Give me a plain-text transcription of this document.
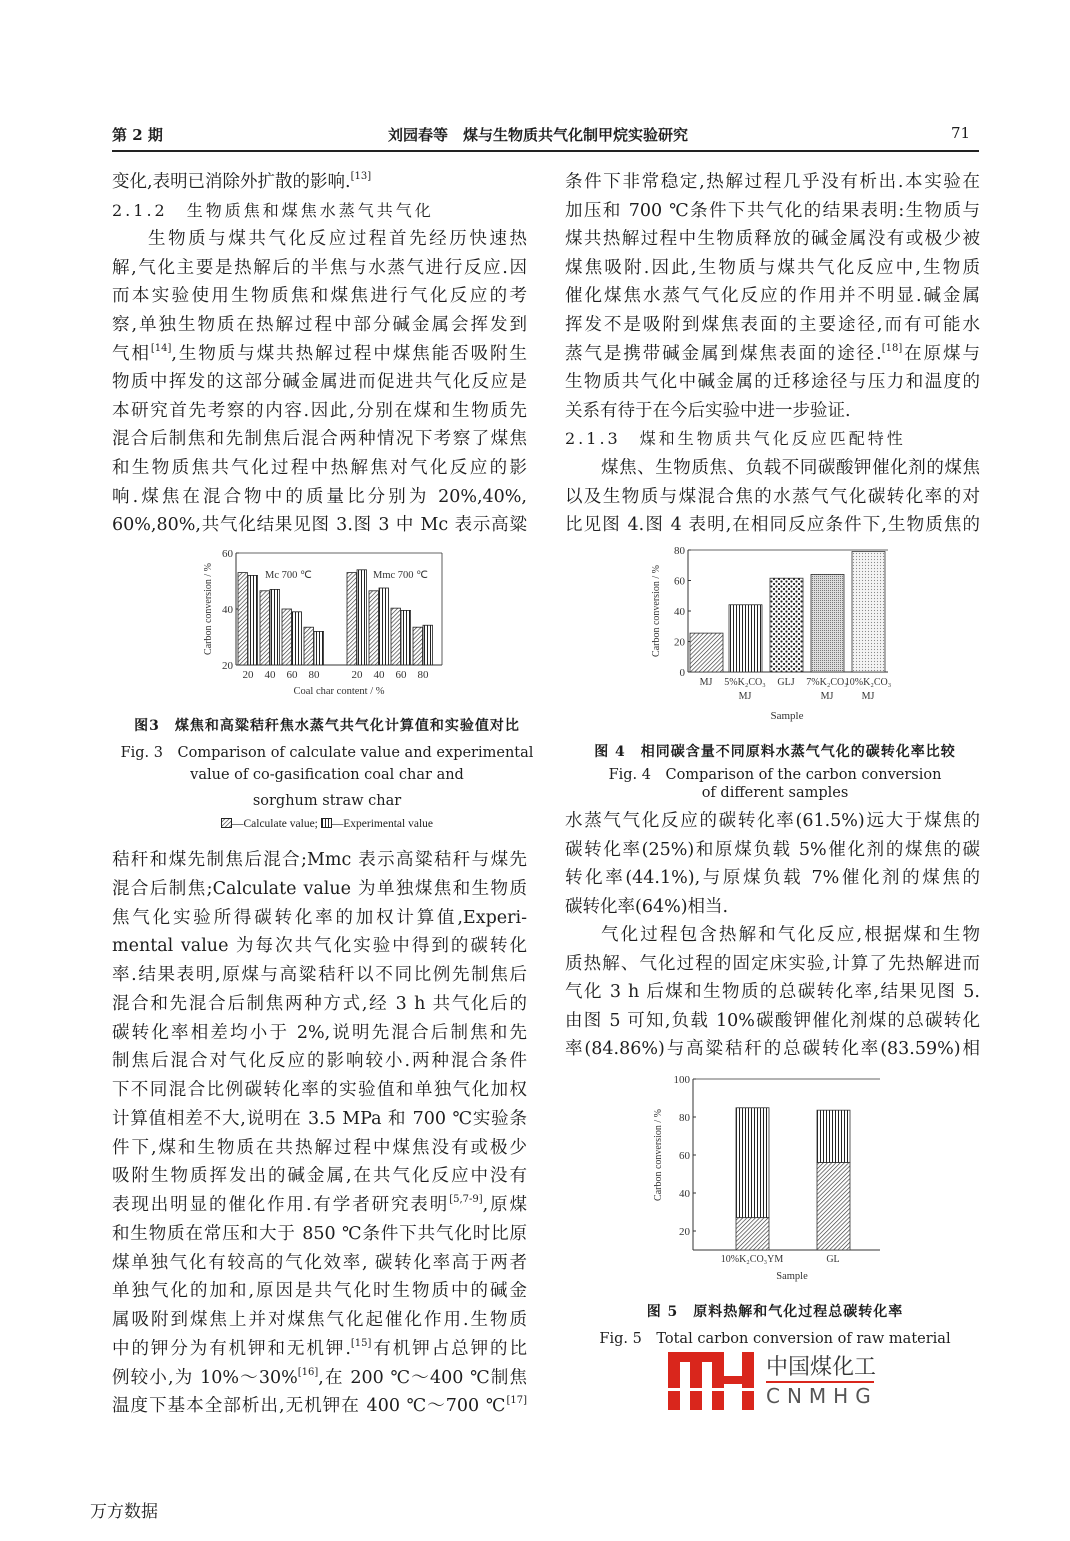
第 2 期	刘园春等　煤与生物质共气化制甲烷实验研究	71
变化,表明已消除外扩散的影响.[13]
2.1.2　生物质焦和煤焦水蒸气共气化
生物质与煤共气化反应过程首先经历快速热
解,气化主要是热解后的半焦与水蒸气进行反应.因
而本实验使用生物质焦和煤焦进行气化反应的考
察,单独生物质在热解过程中部分碱金属会挥发到
气相[14],生物质与煤共热解过程中煤焦能否吸附生
物质中挥发的这部分碱金属进而促进共气化反应是
本研究首先考察的内容.因此,分别在煤和生物质先
混合后制焦和先制焦后混合两种情况下考察了煤焦
和生物质焦共气化过程中热解焦对气化反应的影
响.煤焦在混合物中的质量比分别为 20%,40%,
60%,80%,共气化结果见图 3.图 3 中 Mc 表示高粱
秸秆和煤先制焦后混合;Mmc 表示高粱秸秆与煤先
混合后制焦;Calculate value 为单独煤焦和生物质
焦气化实验所得碳转化率的加权计算值,Experi-
mental value 为每次共气化实验中得到的碳转化
率.结果表明,原煤与高粱秸秆以不同比例先制焦后
混合和先混合后制焦两种方式,经 3 h 共气化后的
碳转化率相差均小于 2%,说明先混合后制焦和先
制焦后混合对气化反应的影响较小.两种混合条件
下不同混合比例碳转化率的实验值和单独气化加权
计算值相差不大,说明在 3.5 MPa 和 700 ℃实验条
件下,煤和生物质在共热解过程中煤焦没有或极少
吸附生物质挥发出的碱金属,在共气化反应中没有
表现出明显的催化作用.有学者研究表明[5,7-9],原煤
和生物质在常压和大于 850 ℃条件下共气化时比原
煤单独气化有较高的气化效率, 碳转化率高于两者
单独气化的加和,原因是共气化时生物质中的碱金
属吸附到煤焦上并对煤焦气化起催化作用.生物质
中的钾分为有机钾和无机钾.[15]有机钾占总钾的比
例较小,为 10%～30%[16],在 200 ℃～400 ℃制焦
温度下基本全部析出,无机钾在 400 ℃～700 ℃[17]
条件下非常稳定,热解过程几乎没有析出.本实验在
加压和 700 ℃条件下共气化的结果表明:生物质与
煤共热解过程中生物质释放的碱金属没有或极少被
煤焦吸附.因此,生物质与煤共气化反应中,生物质
催化煤焦水蒸气气化反应的作用并不明显.碱金属
挥发不是吸附到煤焦表面的主要途径,而有可能水
蒸气是携带碱金属到煤焦表面的途径.[18]在原煤与
生物质共气化中碱金属的迁移途径与压力和温度的
关系有待于在今后实验中进一步验证.
2.1.3　煤和生物质共气化反应匹配特性
煤焦、生物质焦、负载不同碳酸钾催化剂的煤焦
以及生物质与煤混合焦的水蒸气气化碳转化率的对
比见图 4.图 4 表明,在相同反应条件下,生物质焦的
水蒸气气化反应的碳转化率(61.5%)远大于煤焦的
碳转化率(25%)和原煤负载 5%催化剂的煤焦的碳
转化率(44.1%),与原煤负载 7%催化剂的煤焦的
碳转化率(64%)相当.
气化过程包含热解和气化反应,根据煤和生物
质热解、气化过程的固定床实验,计算了先热解进而
气化 3 h 后煤和生物质的总碳转化率,结果见图 5.
由图 5 可知,负载 10%碳酸钾催化剂煤的总碳转化
率(84.86%)与高粱秸秆的总碳转化率(83.59%)相
20
40
60
20 40 60 80
Mc 700 ℃
20 40 60 80
Mmc 700 ℃
Coal char content / %
Carbon conversion / %
图3　煤焦和高粱秸秆焦水蒸气共气化计算值和实验值对比
Fig. 3　Comparison of calculate value and experimental
value of co-gasification coal char and
sorghum straw char
—Calculate value; —Experimental value
0
20
40
60
80
MJ 5%K₂CO₃
MJ
GLJ 7%K₂CO₃
MJ
10%K₂CO₃
MJ
Sample
Carbon conversion / %
图 4　相同碳含量不同原料水蒸气气化的碳转化率比较
Fig. 4　Comparison of the carbon conversion
of different samples
20
40
60
80
100
10%K₂CO₃YM	GL
Sample
Carbon conversion / %
图 5　原料热解和气化过程总碳转化率
Fig. 5　Total carbon conversion of raw material
中国煤化工
CNMHG
万方数据
